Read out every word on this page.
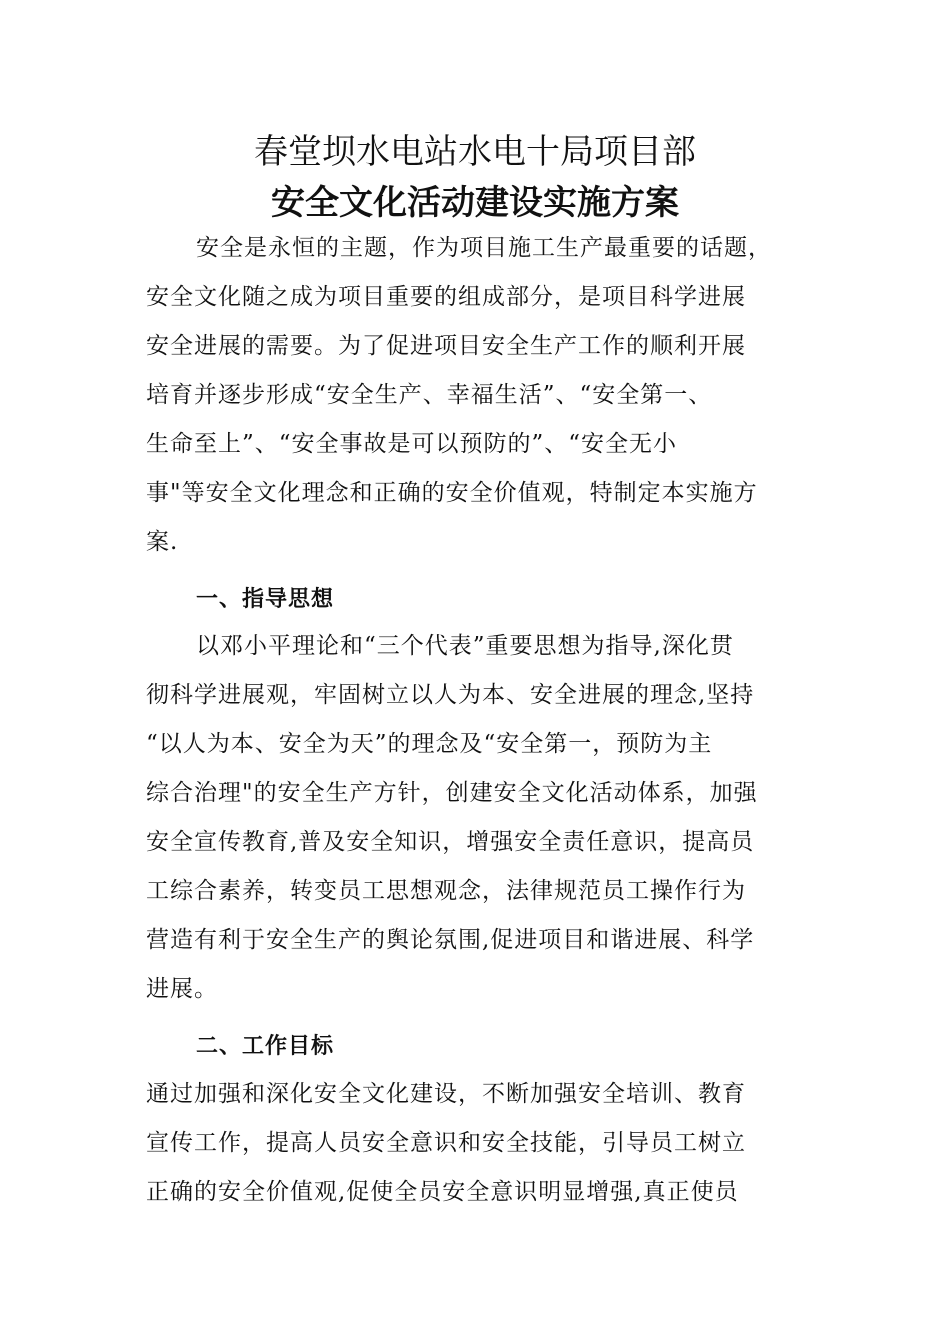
春堂坝水电站水电十局项目部
安全文化活动建设实施方案
安全是永恒的主题，作为项目施工生产最重要的话题，
安全文化随之成为项目重要的组成部分，是项目科学进展
安全进展的需要。为了促进项目安全生产工作的顺利开展
培育并逐步形成“安全生产、幸福生活”、“安全第一、
生命至上”、“安全事故是可以预防的”、“安全无小
事"等安全文化理念和正确的安全价值观，特制定本实施方
案.
一、指导思想
以邓小平理论和“三个代表”重要思想为指导,深化贯
彻科学进展观，牢固树立以人为本、安全进展的理念,坚持
“以人为本、安全为天”的理念及“安全第一，预防为主
综合治理"的安全生产方针，创建安全文化活动体系，加强
安全宣传教育,普及安全知识，增强安全责任意识，提高员
工综合素养，转变员工思想观念，法律规范员工操作行为
营造有利于安全生产的舆论氛围,促进项目和谐进展、科学
进展。
二、工作目标
通过加强和深化安全文化建设，不断加强安全培训、教育
宣传工作，提高人员安全意识和安全技能，引导员工树立
正确的安全价值观,促使全员安全意识明显增强,真正使员
